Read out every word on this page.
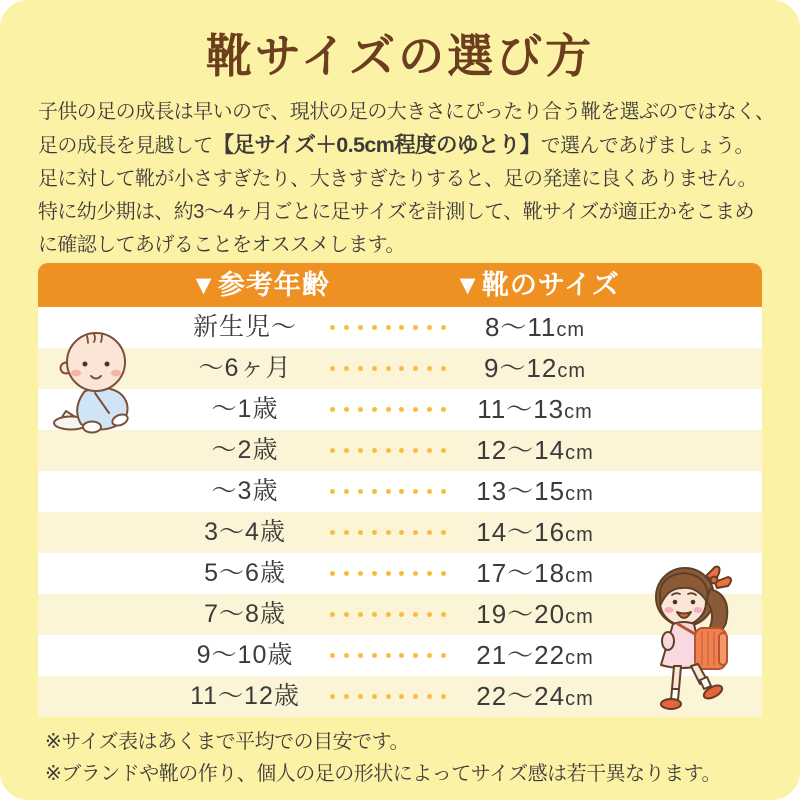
靴サイズの選び方

子供の足の成長は早いので、現状の足の大きさにぴったり合う靴を選ぶのではなく、
足の成長を見越して【足サイズ＋0.5cm程度のゆとり】で選んであげましょう。
足に対して靴が小さすぎたり、大きすぎたりすると、足の発達に良くありません。
特に幼少期は、約3〜4ヶ月ごとに足サイズを計測して、靴サイズが適正かをこまめ
に確認してあげることをオススメします。

▼参考年齢	▼靴のサイズ
新生児〜	8〜11cm
〜6ヶ月	9〜12cm
〜1歳	11〜13cm
〜2歳	12〜14cm
〜3歳	13〜15cm
3〜4歳	14〜16cm
5〜6歳	17〜18cm
7〜8歳	19〜20cm
9〜10歳	21〜22cm
11〜12歳	22〜24cm

※サイズ表はあくまで平均での目安です。

※ブランドや靴の作り、個人の足の形状によってサイズ感は若干異なります。
